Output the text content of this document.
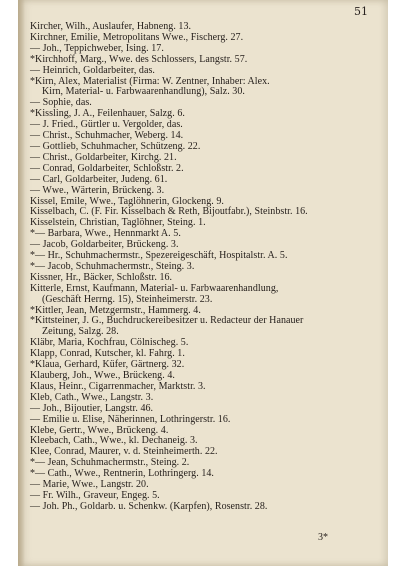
51
Kircher, Wilh., Auslaufer, Habneng. 13.
Kirchner, Emilie, Metropolitans Wwe., Fischerg. 27.
— Joh., Teppichweber, Ising. 17.
*Kirchhoff, Marg., Wwe. des Schlossers, Langstr. 57.
— Heinrich, Goldarbeiter, das.
*Kirn, Alex, Materialist (Firma: W. Zentner, Inhaber: Alex.
Kirn, Material- u. Farbwaarenhandlung), Salz. 30.
— Sophie, das.
*Kissling, J. A., Feilenhauer, Salzg. 6.
— J. Fried., Gürtler u. Vergolder, das.
— Christ., Schuhmacher, Weberg. 14.
— Gottlieb, Schuhmacher, Schützeng. 22.
— Christ., Goldarbeiter, Kirchg. 21.
— Conrad, Goldarbeiter, Schloßstr. 2.
— Carl, Goldarbeiter, Judeng. 61.
— Wwe., Wärterin, Brückeng. 3.
Kissel, Emile, Wwe., Taglöhnerin, Glockeng. 9.
Kisselbach, C. (F. Fir. Kisselbach & Reth, Bijoutfabr.), Steinbstr. 16.
Kisselstein, Christian, Taglöhner, Steing. 1.
*— Barbara, Wwe., Hennmarkt A. 5.
— Jacob, Goldarbeiter, Brückeng. 3.
*— Hr., Schuhmachermstr., Spezereigeschäft, Hospitalstr. A. 5.
*— Jacob, Schuhmachermstr., Steing. 3.
Kissner, Hr., Bäcker, Schloßstr. 16.
Kitterle, Ernst, Kaufmann, Material- u. Farbwaarenhandlung,
(Geschäft Herrng. 15), Steinheimerstr. 23.
*Kittler, Jean, Metzgermstr., Hammerg. 4.
*Kittsteiner, J. G., Buchdruckereibesitzer u. Redacteur der Hanauer
Zeitung, Salzg. 28.
Kläbr, Maria, Kochfrau, Cölnischeg. 5.
Klapp, Conrad, Kutscher, kl. Fahrg. 1.
*Klaua, Gerhard, Küfer, Gärtnerg. 32.
Klauberg, Joh., Wwe., Brückeng. 4.
Klaus, Heinr., Cigarrenmacher, Marktstr. 3.
Kleb, Cath., Wwe., Langstr. 3.
— Joh., Bijoutier, Langstr. 46.
— Emilie u. Elise, Näherinnen, Lothringerstr. 16.
Klebe, Gertr., Wwe., Brückeng. 4.
Kleebach, Cath., Wwe., kl. Dechaneig. 3.
Klee, Conrad, Maurer, v. d. Steinheimerth. 22.
*— Jean, Schuhmachermstr., Steing. 2.
*— Cath., Wwe., Rentnerin, Lothringerg. 14.
— Marie, Wwe., Langstr. 20.
— Fr. Wilh., Graveur, Engeg. 5.
— Joh. Ph., Goldarb. u. Schenkw. (Karpfen), Rosenstr. 28.
3*
